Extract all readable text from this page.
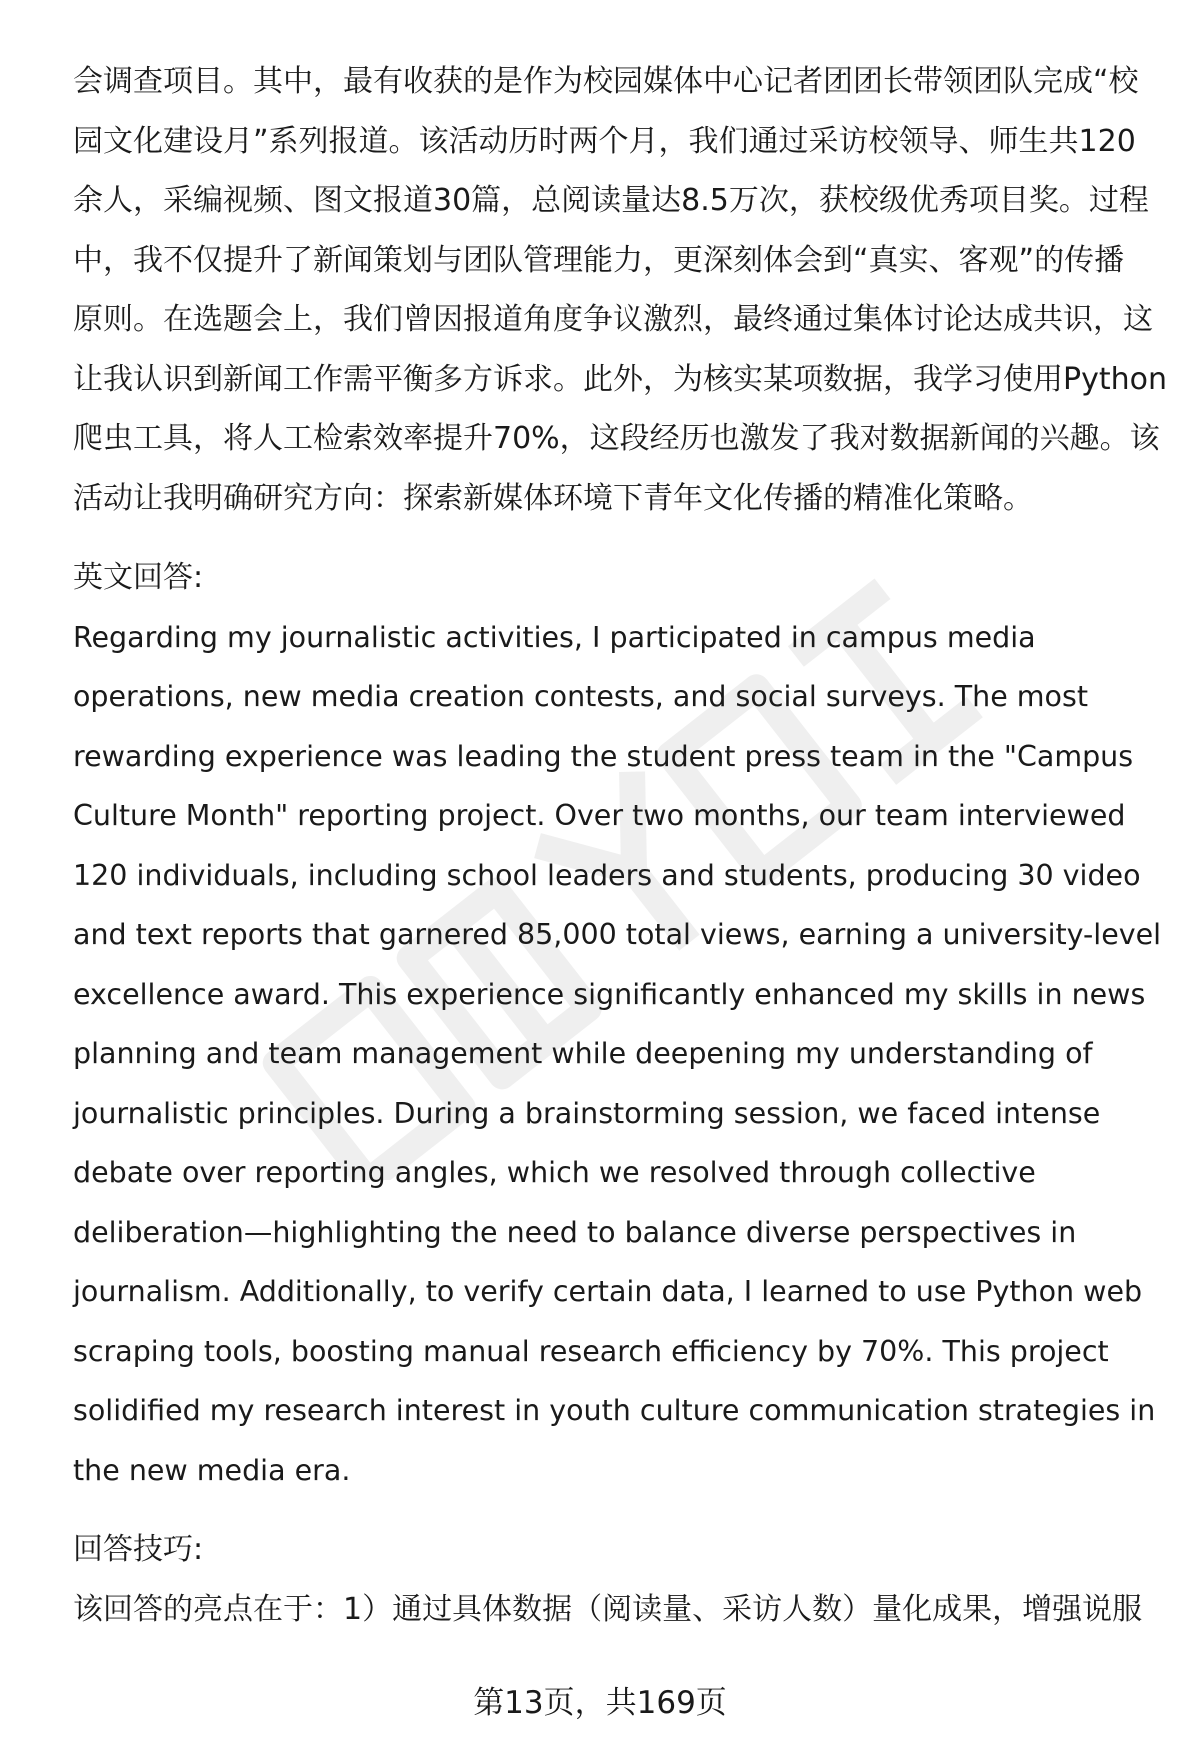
会调查项目。其中，最有收获的是作为校园媒体中心记者团团长带领团队完成“校
园文化建设月”系列报道。该活动历时两个月，我们通过采访校领导、师生共120
余人，采编视频、图文报道30篇，总阅读量达8.5万次，获校级优秀项目奖。过程
中，我不仅提升了新闻策划与团队管理能力，更深刻体会到“真实、客观”的传播
原则。在选题会上，我们曾因报道角度争议激烈，最终通过集体讨论达成共识，这
让我认识到新闻工作需平衡多方诉求。此外，为核实某项数据，我学习使用Python
爬虫工具，将人工检索效率提升70%，这段经历也激发了我对数据新闻的兴趣。该
活动让我明确研究方向：探索新媒体环境下青年文化传播的精准化策略。
英文回答:
Regarding my journalistic activities, I participated in campus media
operations, new media creation contests, and social surveys. The most
rewarding experience was leading the student press team in the "Campus
Culture Month" reporting project. Over two months, our team interviewed
120 individuals, including school leaders and students, producing 30 video
and text reports that garnered 85,000 total views, earning a university-level
excellence award. This experience significantly enhanced my skills in news
planning and team management while deepening my understanding of
journalistic principles. During a brainstorming session, we faced intense
debate over reporting angles, which we resolved through collective
deliberation—highlighting the need to balance diverse perspectives in
journalism. Additionally, to verify certain data, I learned to use Python web
scraping tools, boosting manual research efficiency by 70%. This project
solidified my research interest in youth culture communication strategies in
the new media era.
回答技巧:
该回答的亮点在于：1）通过具体数据（阅读量、采访人数）量化成果，增强说服
第13页，共169页
